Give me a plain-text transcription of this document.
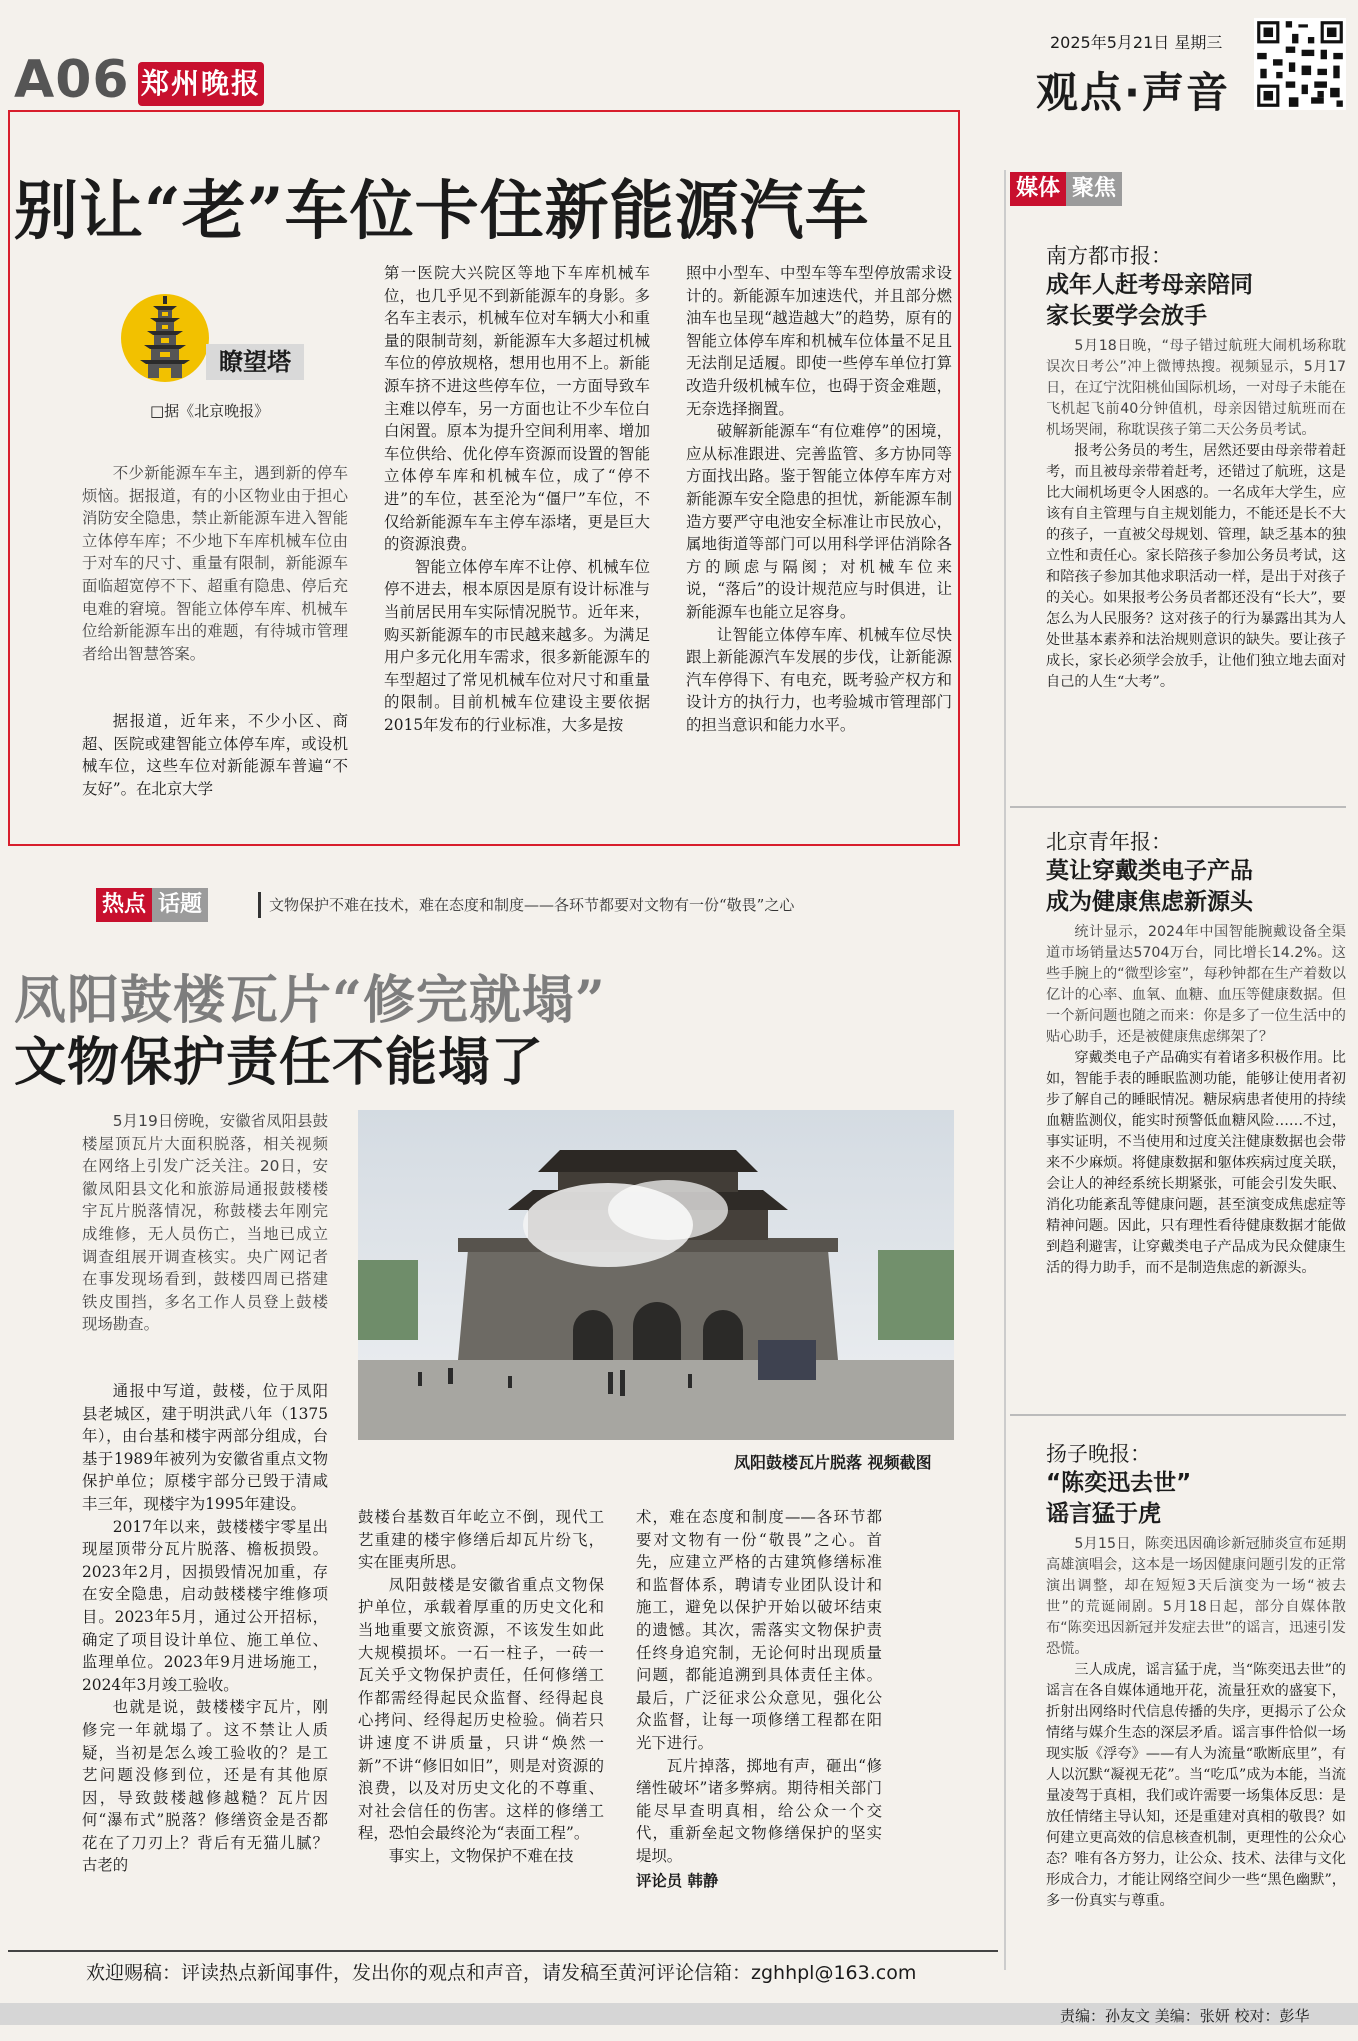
A06 郑州晚报
2025年5月21日 星期三
观点·声音
别让“老”车位卡住新能源汽车
瞭望塔
□据《北京晚报》

不少新能源车车主，遇到新的停车烦恼。据报道，有的小区物业由于担心消防安全隐患，禁止新能源车进入智能立体停车库；不少地下车库机械车位由于对车的尺寸、重量有限制，新能源车面临超宽停不下、超重有隐患、停后充电难的窘境。智能立体停车库、机械车位给新能源车出的难题，有待城市管理者给出智慧答案。

据报道，近年来，不少小区、商超、医院或建智能立体停车库，或设机械车位，这些车位对新能源车普遍“不友好”。在北京大学

第一医院大兴院区等地下车库机械车位，也几乎见不到新能源车的身影。多名车主表示，机械车位对车辆大小和重量的限制苛刻，新能源车大多超过机械车位的停放规格，想用也用不上。新能源车挤不进这些停车位，一方面导致车主难以停车，另一方面也让不少车位白白闲置。原本为提升空间利用率、增加车位供给、优化停车资源而设置的智能立体停车库和机械车位，成了“停不进”的车位，甚至沦为“僵尸”车位，不仅给新能源车车主停车添堵，更是巨大的资源浪费。

智能立体停车库不让停、机械车位停不进去，根本原因是原有设计标准与当前居民用车实际情况脱节。近年来，购买新能源车的市民越来越多。为满足用户多元化用车需求，很多新能源车的车型超过了常见机械车位对尺寸和重量的限制。目前机械车位建设主要依据2015年发布的行业标准，大多是按

照中小型车、中型车等车型停放需求设计的。新能源车加速迭代，并且部分燃油车也呈现“越造越大”的趋势，原有的智能立体停车库和机械车位体量不足且无法削足适履。即使一些停车单位打算改造升级机械车位，也碍于资金难题，无奈选择搁置。

破解新能源车“有位难停”的困境，应从标准跟进、完善监管、多方协同等方面找出路。鉴于智能立体停车库方对新能源车安全隐患的担忧，新能源车制造方要严守电池安全标准让市民放心，属地街道等部门可以用科学评估消除各方的顾虑与隔阂；对机械车位来说，“落后”的设计规范应与时俱进，让新能源车也能立足容身。

让智能立体停车库、机械车位尽快跟上新能源汽车发展的步伐，让新能源汽车停得下、有电充，既考验产权方和设计方的执行力，也考验城市管理部门的担当意识和能力水平。

媒体 聚焦
南方都市报：
成年人赶考母亲陪同
家长要学会放手

5月18日晚，“母子错过航班大闹机场称耽误次日考公”冲上微博热搜。视频显示，5月17日，在辽宁沈阳桃仙国际机场，一对母子未能在飞机起飞前40分钟值机，母亲因错过航班而在机场哭闹，称耽误孩子第二天公务员考试。

报考公务员的考生，居然还要由母亲带着赶考，而且被母亲带着赶考，还错过了航班，这是比大闹机场更令人困惑的。一名成年大学生，应该有自主管理与自主规划能力，不能还是长不大的孩子，一直被父母规划、管理，缺乏基本的独立性和责任心。家长陪孩子参加公务员考试，这和陪孩子参加其他求职活动一样，是出于对孩子的关心。如果报考公务员者都还没有“长大”，要怎么为人民服务？这对孩子的行为暴露出其为人处世基本素养和法治规则意识的缺失。要让孩子成长，家长必须学会放手，让他们独立地去面对自己的人生“大考”。

北京青年报：
莫让穿戴类电子产品
成为健康焦虑新源头

统计显示，2024年中国智能腕戴设备全渠道市场销量达5704万台，同比增长14.2%。这些手腕上的“微型诊室”，每秒钟都在生产着数以亿计的心率、血氧、血糖、血压等健康数据。但一个新问题也随之而来：你是多了一位生活中的贴心助手，还是被健康焦虑绑架了？

穿戴类电子产品确实有着诸多积极作用。比如，智能手表的睡眠监测功能，能够让使用者初步了解自己的睡眠情况。糖尿病患者使用的持续血糖监测仪，能实时预警低血糖风险……不过，事实证明，不当使用和过度关注健康数据也会带来不少麻烦。将健康数据和躯体疾病过度关联，会让人的神经系统长期紧张，可能会引发失眠、消化功能紊乱等健康问题，甚至演变成焦虑症等精神问题。因此，只有理性看待健康数据才能做到趋利避害，让穿戴类电子产品成为民众健康生活的得力助手，而不是制造焦虑的新源头。

扬子晚报：
“陈奕迅去世”
谣言猛于虎

5月15日，陈奕迅因确诊新冠肺炎宣布延期高雄演唱会，这本是一场因健康问题引发的正常演出调整，却在短短3天后演变为一场“被去世”的荒诞闹剧。5月18日起，部分自媒体散布“陈奕迅因新冠并发症去世”的谣言，迅速引发恐慌。

三人成虎，谣言猛于虎，当“陈奕迅去世”的谣言在各自媒体通地开花，流量狂欢的盛宴下，折射出网络时代信息传播的失序，更揭示了公众情绪与媒介生态的深层矛盾。谣言事件恰似一场现实版《浮夸》——有人为流量“歌断底里”，有人以沉默“凝视无花”。当“吃瓜”成为本能，当流量凌驾于真相，我们或许需要一场集体反思：是放任情绪主导认知，还是重建对真相的敬畏？如何建立更高效的信息核查机制，更理性的公众心态？唯有各方努力，让公众、技术、法律与文化形成合力，才能让网络空间少一些“黑色幽默”，多一份真实与尊重。

热点 话题	文物保护不难在技术，难在态度和制度——各环节都要对文物有一份“敬畏”之心
凤阳鼓楼瓦片“修完就塌”
文物保护责任不能塌了

5月19日傍晚，安徽省凤阳县鼓楼屋顶瓦片大面积脱落，相关视频在网络上引发广泛关注。20日，安徽凤阳县文化和旅游局通报鼓楼楼宇瓦片脱落情况，称鼓楼去年刚完成维修，无人员伤亡，当地已成立调查组展开调查核实。央广网记者在事发现场看到，鼓楼四周已搭建铁皮围挡，多名工作人员登上鼓楼现场勘查。

通报中写道，鼓楼，位于凤阳县老城区，建于明洪武八年（1375年），由台基和楼宇两部分组成，台基于1989年被列为安徽省重点文物保护单位；原楼宇部分已毁于清咸丰三年，现楼宇为1995年建设。

2017年以来，鼓楼楼宇零星出现屋顶带分瓦片脱落、檐板损毁。2023年2月，因损毁情况加重，存在安全隐患，启动鼓楼楼宇维修项目。2023年5月，通过公开招标，确定了项目设计单位、施工单位、监理单位。2023年9月进场施工，2024年3月竣工验收。

也就是说，鼓楼楼宇瓦片，刚修完一年就塌了。这不禁让人质疑，当初是怎么竣工验收的？是工艺问题没修到位，还是有其他原因，导致鼓楼越修越糙？瓦片因何“瀑布式”脱落？修缮资金是否都花在了刀刃上？背后有无猫儿腻？古老的

凤阳鼓楼瓦片脱落 视频截图

鼓楼台基数百年屹立不倒，现代工艺重建的楼宇修缮后却瓦片纷飞，实在匪夷所思。

凤阳鼓楼是安徽省重点文物保护单位，承载着厚重的历史文化和当地重要文旅资源，不该发生如此大规模损坏。一石一柱子，一砖一瓦关乎文物保护责任，任何修缮工作都需经得起民众监督、经得起良心拷问、经得起历史检验。倘若只讲速度不讲质量，只讲“焕然一新”不讲“修旧如旧”，则是对资源的浪费，以及对历史文化的不尊重、对社会信任的伤害。这样的修缮工程，恐怕会最终沦为“表面工程”。

事实上，文物保护不难在技

术，难在态度和制度——各环节都要对文物有一份“敬畏”之心。首先，应建立严格的古建筑修缮标准和监督体系，聘请专业团队设计和施工，避免以保护开始以破坏结束的遗憾。其次，需落实文物保护责任终身追究制，无论何时出现质量问题，都能追溯到具体责任主体。最后，广泛征求公众意见，强化公众监督，让每一项修缮工程都在阳光下进行。

瓦片掉落，掷地有声，砸出“修缮性破坏”诸多弊病。期待相关部门能尽早查明真相，给公众一个交代，重新垒起文物修缮保护的坚实堤坝。

评论员 韩静
欢迎赐稿：评读热点新闻事件，发出你的观点和声音，请发稿至黄河评论信箱：zghhpl@163.com
责编：孙友文 美编：张妍 校对：彭华
